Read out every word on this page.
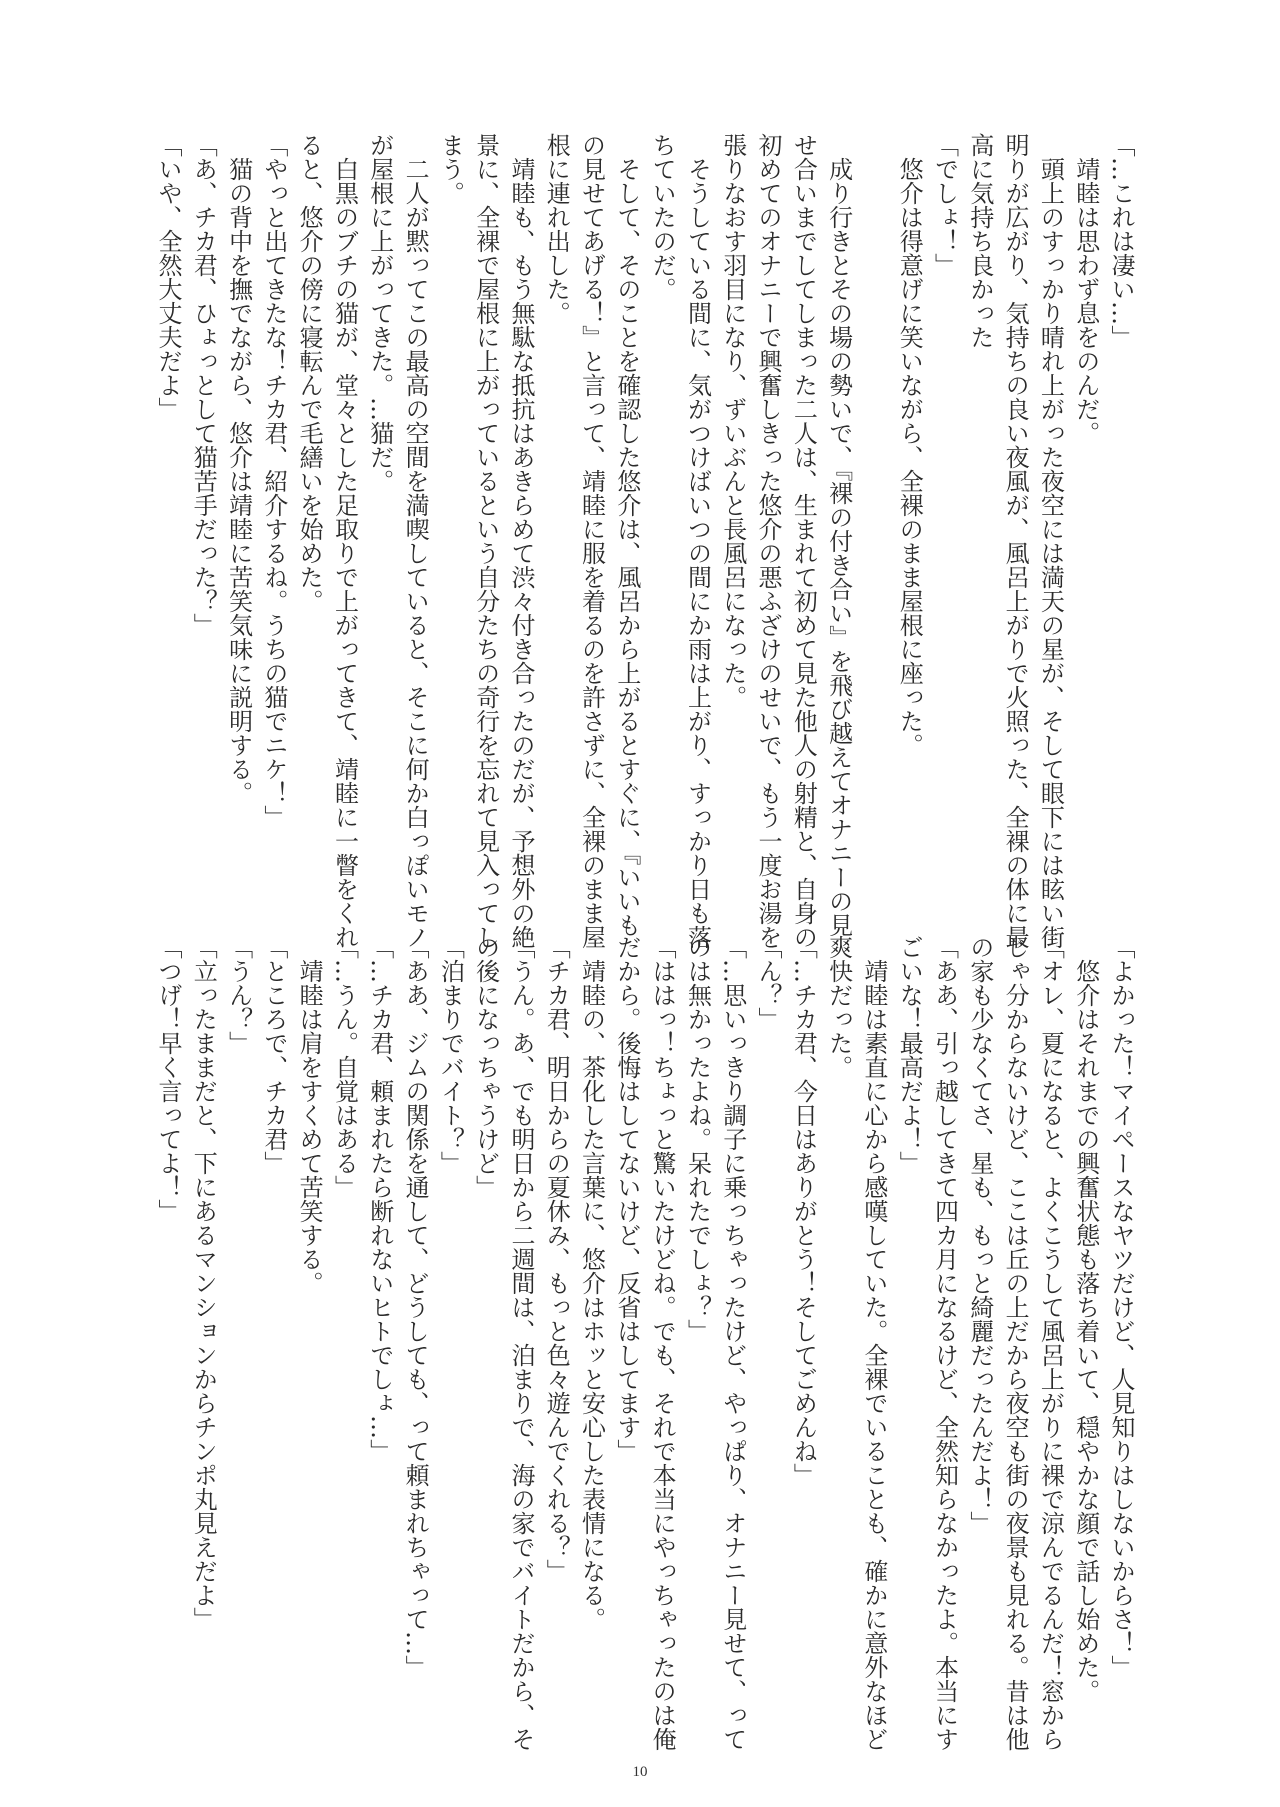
「…これは凄い…」
　靖睦は思わず息をのんだ。
　頭上のすっかり晴れ上がった夜空には満天の星が、そして眼下には眩い街
明りが広がり、気持ちの良い夜風が、風呂上がりで火照った、全裸の体に最
高に気持ち良かった
「でしょ！」
　悠介は得意げに笑いながら、全裸のまま屋根に座った。

　成り行きとその場の勢いで、『裸の付き合い』を飛び越えてオナニーの見
せ合いまでしてしまった二人は、生まれて初めて見た他人の射精と、自身の
初めてのオナニーで興奮しきった悠介の悪ふざけのせいで、もう一度お湯を
張りなおす羽目になり、ずいぶんと長風呂になった。
　そうしている間に、気がつけばいつの間にか雨は上がり、すっかり日も落
ちていたのだ。
　そして、そのことを確認した悠介は、風呂から上がるとすぐに、『いいも
の見せてあげる！』と言って、靖睦に服を着るのを許さずに、全裸のまま屋
根に連れ出した。
　靖睦も、もう無駄な抵抗はあきらめて渋々付き合ったのだが、予想外の絶
景に、全裸で屋根に上がっているという自分たちの奇行を忘れて見入ってし
まう。
　二人が黙ってこの最高の空間を満喫していると、そこに何か白っぽいモノ
が屋根に上がってきた。…猫だ。
　白黒のブチの猫が、堂々とした足取りで上がってきて、靖睦に一瞥をくれ
ると、悠介の傍に寝転んで毛繕いを始めた。
「やっと出てきたな！チカ君、紹介するね。うちの猫でニケ！」
　猫の背中を撫でながら、悠介は靖睦に苦笑気味に説明する。
「あ、チカ君、ひょっとして猫苦手だった？」
「いや、全然大丈夫だよ」
「よかった！マイペースなヤツだけど、人見知りはしないからさ！」
　悠介はそれまでの興奮状態も落ち着いて、穏やかな顔で話し始めた。
「オレ、夏になると、よくこうして風呂上がりに裸で涼んでるんだ！窓から
じゃ分からないけど、ここは丘の上だから夜空も街の夜景も見れる。昔は他
の家も少なくてさ、星も、もっと綺麗だったんだよ！」
「ああ、引っ越してきて四カ月になるけど、全然知らなかったよ。本当にす
ごいな！最高だよ！」
　靖睦は素直に心から感嘆していた。全裸でいることも、確かに意外なほど
爽快だった。
「…チカ君、今日はありがとう！そしてごめんね」
「ん？」
「…思いっきり調子に乗っちゃったけど、やっぱり、オナニー見せて、って
のは無かったよね。呆れたでしょ？」
「ははっ！ちょっと驚いたけどね。でも、それで本当にやっちゃったのは俺
だから。後悔はしてないけど、反省はしてます」
　靖睦の、茶化した言葉に、悠介はホッと安心した表情になる。
「チカ君、明日からの夏休み、もっと色々遊んでくれる？」
「うん。あ、でも明日から二週間は、泊まりで、海の家でバイトだから、そ
の後になっちゃうけど」
「泊まりでバイト？」
「ああ、ジムの関係を通して、どうしても、って頼まれちゃって…」
「…チカ君、頼まれたら断れないヒトでしょ…」
「…うん。自覚はある」
　靖睦は肩をすくめて苦笑する。
「ところで、チカ君」
「うん？」
「立ったままだと、下にあるマンションからチンポ丸見えだよ」
「つげ！早く言ってよ！」
10
